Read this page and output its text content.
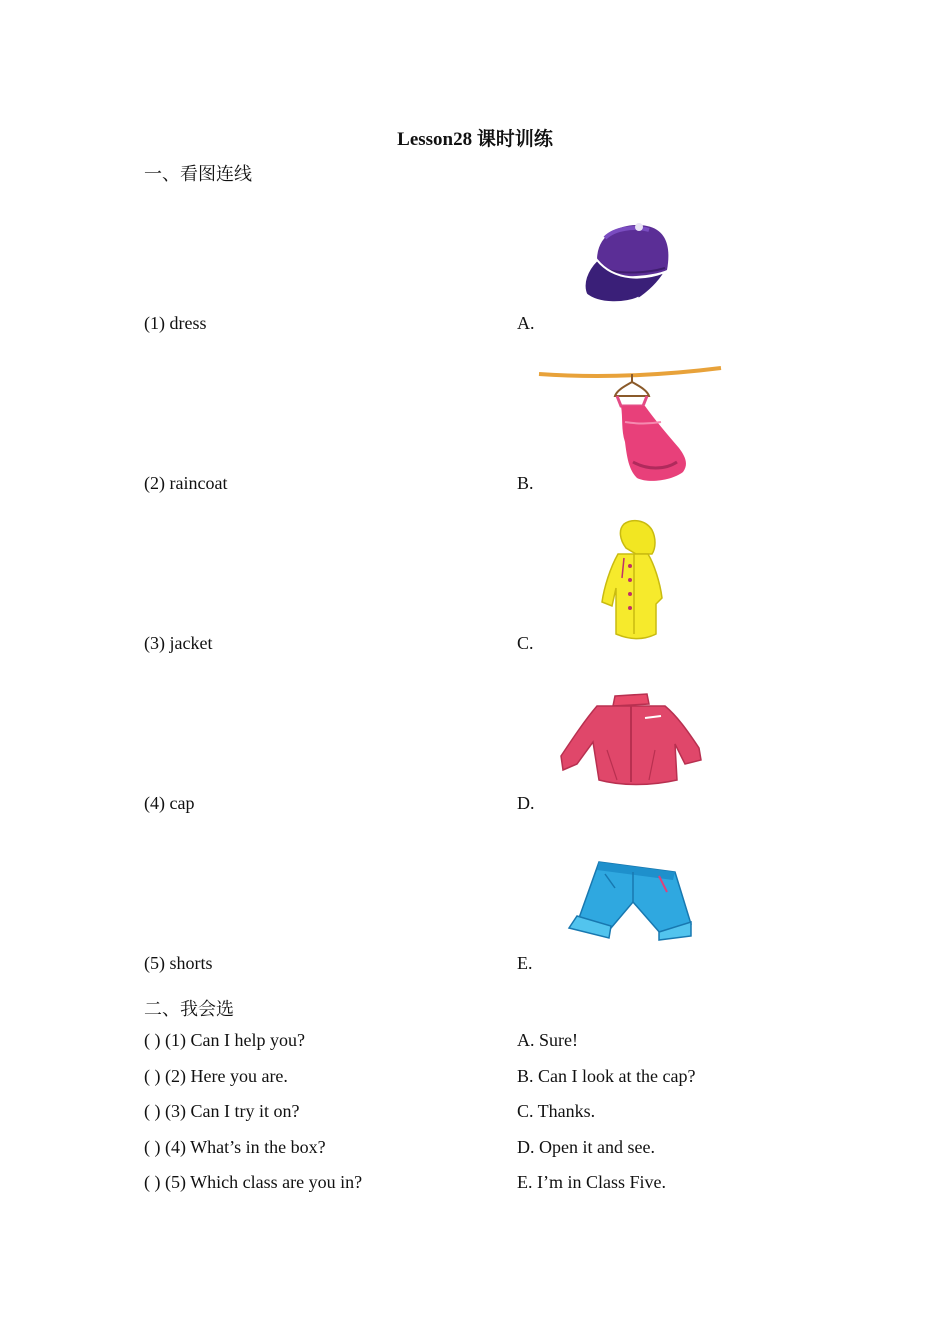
Lesson28 课时训练
一、看图连线
(1) dress	A.
(2) raincoat	B.
(3) jacket	C.
(4) cap	D.
(5) shorts	E.
二、我会选
( ) (1) Can I help you?	A. Sure!
( ) (2) Here you are.	B. Can I look at the cap?
( ) (3) Can I try it on?	C. Thanks.
( ) (4) What’s in the box?	D. Open it and see.
( ) (5) Which class are you in?	E. I’m in Class Five.
